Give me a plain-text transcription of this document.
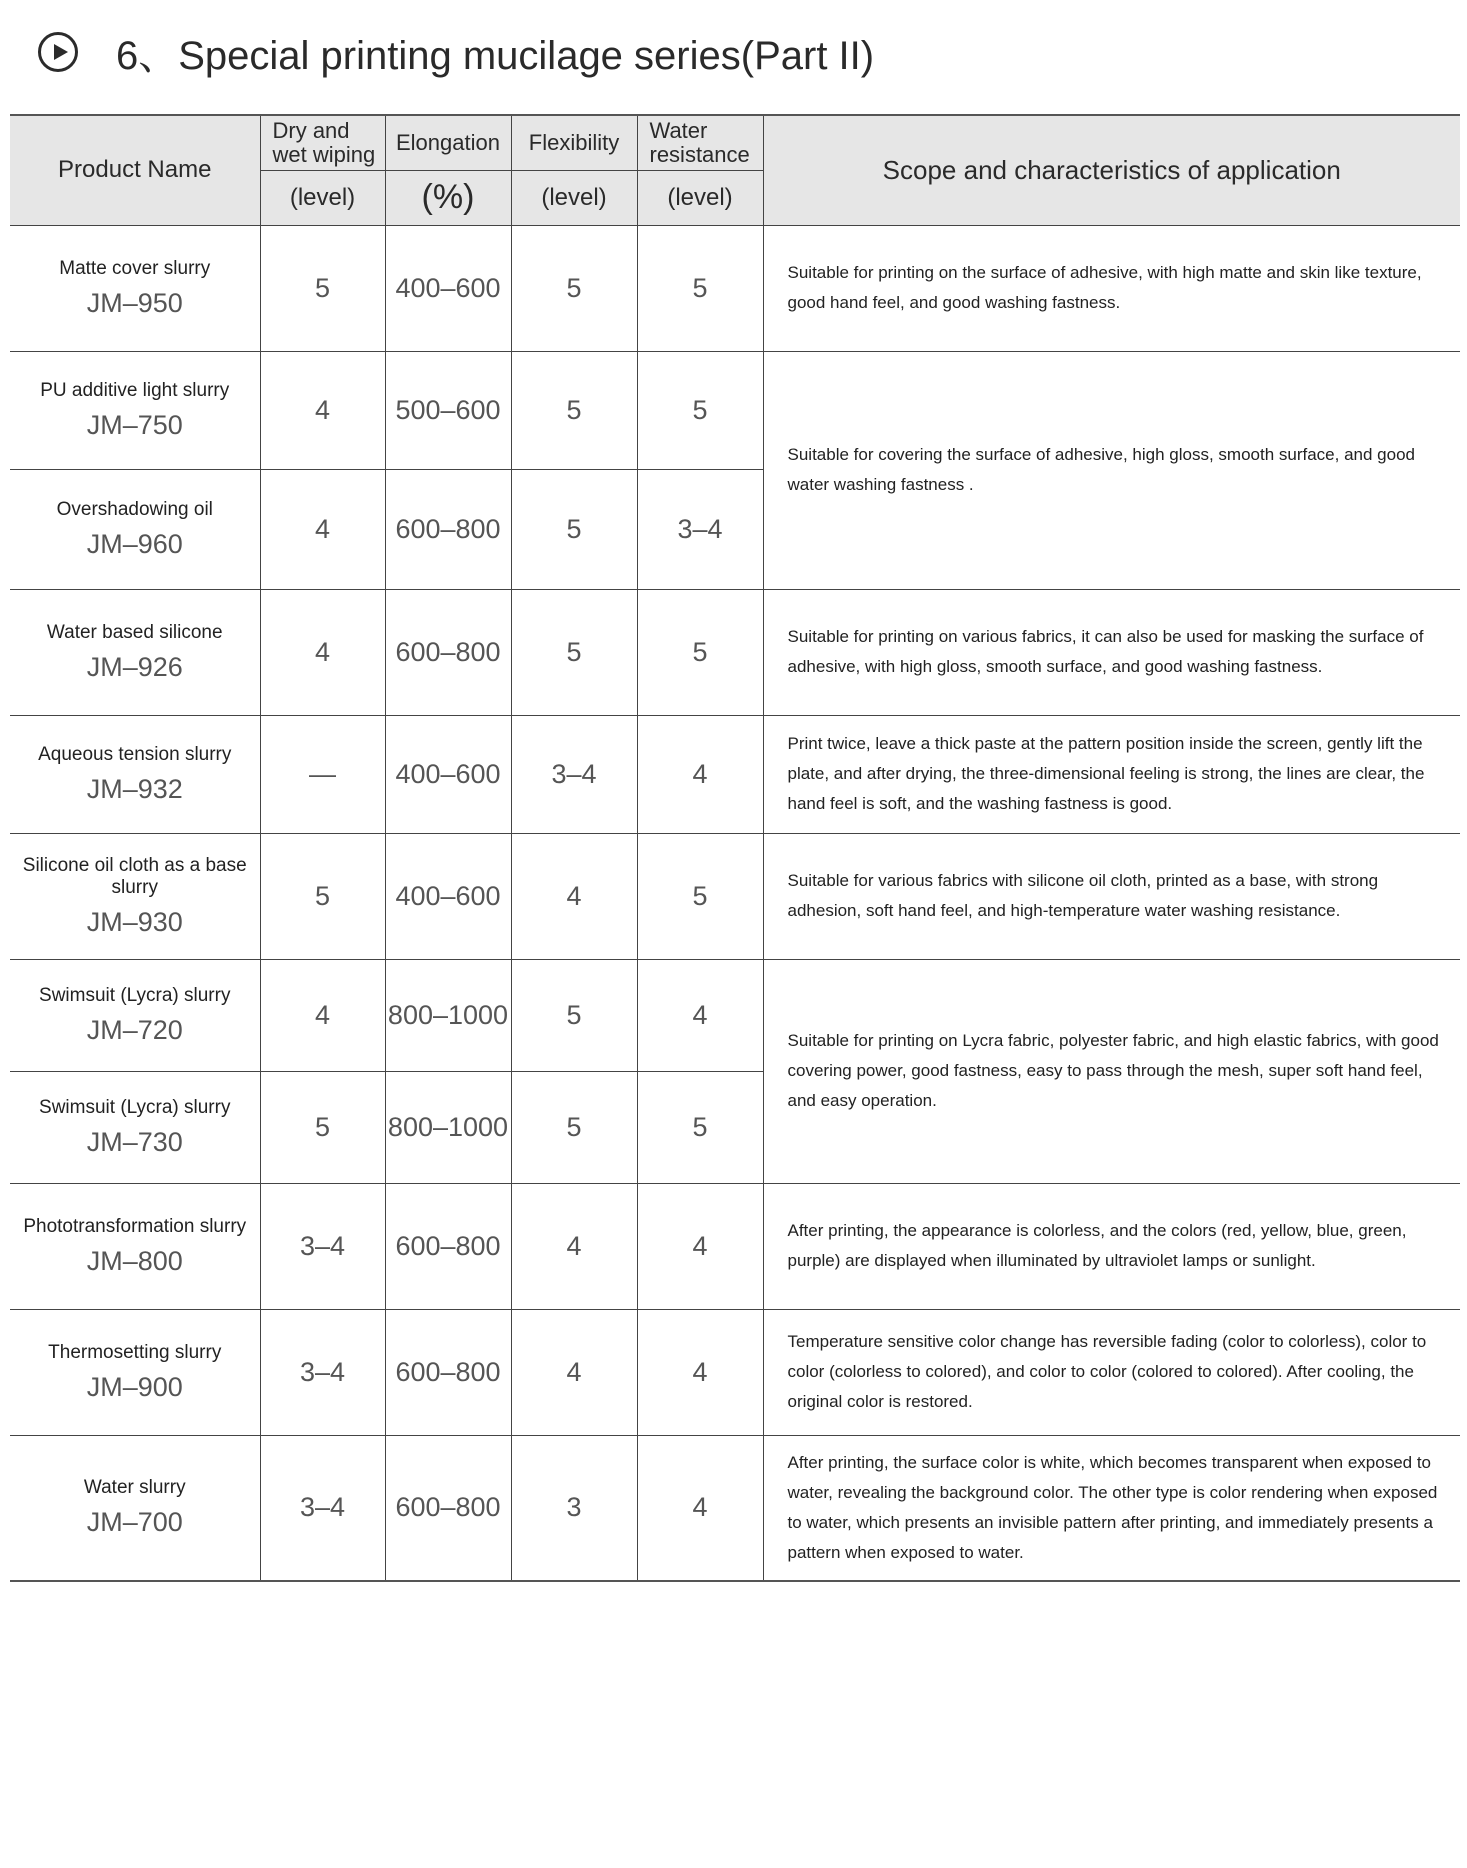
6、Special printing mucilage series(Part II)
Product Name	Dry and wet wiping	Elongation	Flexibility	Water resistance	Scope and characteristics of application
	(level)	(%)	(level)	(level)	

Matte cover slurry
JM–950	5	400–600	5	5	Suitable for printing on the surface of adhesive, with high matte and skin like texture, good hand feel, and good washing fastness.

PU additive light slurry
JM–750	4	500–600	5	5	Suitable for covering the surface of adhesive, high gloss, smooth surface, and good water washing fastness .

Overshadowing oil
JM–960	4	600–800	5	3–4	

Water based silicone
JM–926	4	600–800	5	5	Suitable for printing on various fabrics, it can also be used for masking the surface of adhesive, with high gloss, smooth surface, and good washing fastness.

Aqueous tension slurry
JM–932	—	400–600	3–4	4	Print twice, leave a thick paste at the pattern position inside the screen, gently lift the plate, and after drying, the three-dimensional feeling is strong, the lines are clear, the hand feel is soft, and the washing fastness is good.

Silicone oil cloth as a base slurry
JM–930	5	400–600	4	5	Suitable for various fabrics with silicone oil cloth, printed as a base, with strong adhesion, soft hand feel, and high-temperature water washing resistance.

Swimsuit (Lycra) slurry
JM–720	4	800–1000	5	4	Suitable for printing on Lycra fabric, polyester fabric, and high elastic fabrics, with good covering power, good fastness, easy to pass through the mesh, super soft hand feel, and easy operation.

Swimsuit (Lycra) slurry
JM–730	5	800–1000	5	5	

Phototransformation slurry
JM–800	3–4	600–800	4	4	After printing, the appearance is colorless, and the colors (red, yellow, blue, green, purple) are displayed when illuminated by ultraviolet lamps or sunlight.

Thermosetting slurry
JM–900	3–4	600–800	4	4	Temperature sensitive color change has reversible fading (color to colorless), color to color (colorless to colored), and color to color (colored to colored). After cooling, the original color is restored.

Water slurry
JM–700	3–4	600–800	3	4	After printing, the surface color is white, which becomes transparent when exposed to water, revealing the background color. The other type is color rendering when exposed to water, which presents an invisible pattern after printing, and immediately presents a pattern when exposed to water.
